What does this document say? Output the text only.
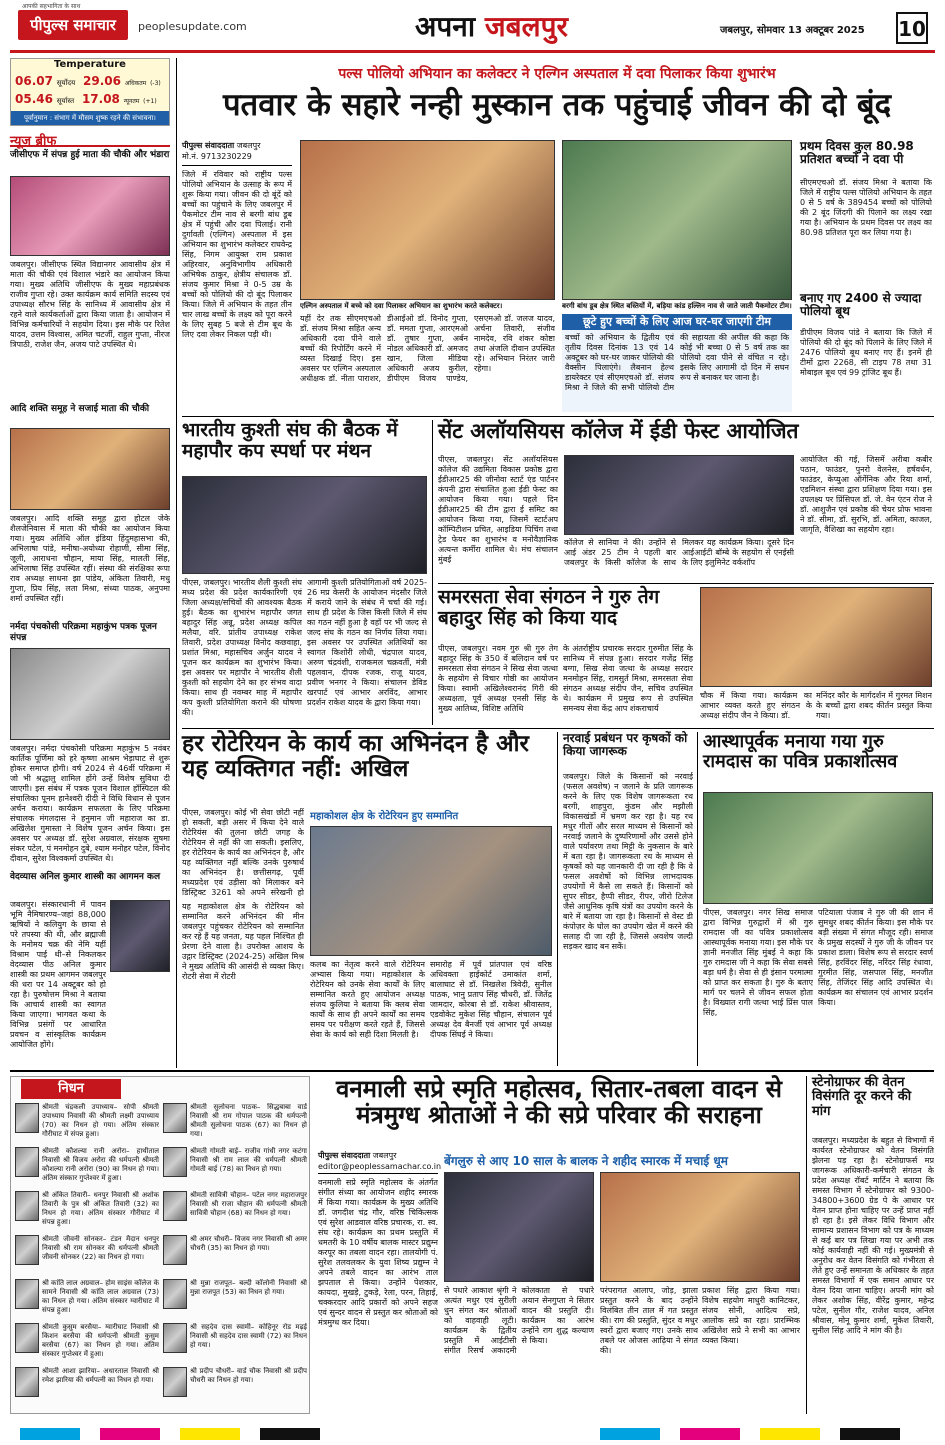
पीपुल्स समाचार
आपकी सहभागिता के साथ
peoplesupdate.com	अपना जबलपुर	जबलपुर, सोमवार 13 अक्टूबर 2025 10
Temperature
06.07 सूर्योदय 29.06 अधिकतम (-3)
05.46 सूर्यास्त 17.08 न्यूनतम (+1)
पूर्वानुमान : संभाग में मौसम शुष्क रहने की संभावना।
न्यूज ब्रीफ
जीसीएफ में संपन्न हुई माता की चौकी और भंडारा
जबलपुर। जीसीएफ स्थित विद्यानगर आवासीय क्षेत्र में माता की चौकी एवं विशाल भंडारे का आयोजन किया गया। मुख्य अतिथि जीसीएफ के मुख्य महाप्रबंधक राजीव गुप्ता रहे। उक्त कार्यक्रम कार्य समिति सदस्य एवं उपाध्यक्ष सौरभ सिंह के सानिध्य में आवासीय क्षेत्र में रहने वाले कार्यकर्ताओं द्वारा किया जाता है। आयोजन में विभिन्न कर्मचारियों ने सहयोग दिया। इस मौके पर रितेश यादव, उत्तम विश्वास, अमित चटर्जी, राहुल गुप्ता, नीरज त्रिपाठी, राजेश जैन, अजय पाटे उपस्थित थे।
आदि शक्ति समूह ने सजाई माता की चौकी
जबलपुर। आदि शक्ति समूह द्वारा होटल जेके शैलजेनिवास में माता की चौकी का आयोजन किया गया। मुख्य अतिथि ऑल इंडिया हिंदुमहासभा की, अभिलाषा पांडे, मनीषा-अयोध्या रोहाणी, सीमा सिंह, जूली, आराधना चौहान, माया सिंह, मालती सिंह, अभिलाषा सिंह उपस्थित रहीं। संस्था की संरक्षिका रूपा राव अध्यक्ष साधना झा पांडेय, अंकिता तिवारी, मधु गुप्ता, प्रिय सिंह, लता मिश्रा, संध्या पाठक, अनुपमा शर्मा उपस्थित रहीं।
नर्मदा पंचकोसी परिक्रमा महाकुंभ पत्रक पूजन संपन्न
जबलपुर। नर्मदा पंचकोसी परिक्रमा महाकुंभ 5 नवंबर कार्तिक पूर्णिमा को हरे कृष्णा आश्रम भेड़ाघाट से शुरू होकर समाप्त होगी। वर्ष 2024 से 46वीं परिक्रमा में जो भी श्रद्धालु शामिल होंगे उन्हें विशेष सुविधा दी जाएगी। इस संबंध में पत्रक पूजन विशाल हॉस्पिटल की संचालिका पूनम हानेश्वरी दीदी ने विधि विधान से पूजन अर्चन कराया। कार्यक्रम सफलता के लिए परिक्रमा संचालक मंगलदास ने हनुमान जी महाराज का डा. अखिलेश गुमास्ता ने विशेष पूजन अर्चन किया। इस अवसर पर अध्यक्ष डॉ. सुरेश अग्रवाल, संरक्षक सुषमा संकर पटेल, पं मनमोहन दुबे, श्याम मनोहर पटेल, विनोद दीवान, सुरेश विश्वकर्मा उपस्थित थे।
वेदव्यास अनिल कुमार शास्त्री का आगमन कल
जबलपुर। संस्कारधानी में पावन भूमि नैमिषारण्य–जहां 88,000 ऋषियों ने कलियुग के छाया से परे तपस्या की थी, और ब्रह्माजी के मनोमय चक्र की नेमि यहीं विश्राम पाई थी–से निकलकर वेदव्यास पीठ अनिल कुमार शास्त्री का प्रथम आगमन जबलपुर की धरा पर 14 अक्टूबर को हो रहा है। पुरुषोत्तम मिश्रा ने बताया कि आचार्य शास्त्री का स्वागत किया जाएगा। भागवत कथा के विभिन्न प्रसंगों पर आधारित प्रवचन व सांस्कृतिक कार्यक्रम आयोजित होंगे।
पल्स पोलियो अभियान का कलेक्टर ने एल्गिन अस्पताल में दवा पिलाकर किया शुभारंभ
पतवार के सहारे नन्ही मुस्कान तक पहुंचाई जीवन की दो बूंद
पीपुल्स संवाददाता जबलपुर
मो.नं. 9713230229
जिले में रविवार को राष्ट्रीय पल्स पोलियो अभियान के उत्साह के रूप में शुरू किया गया। जीवन की दो बूंदें को बच्चों का पहुंचाने के लिए जबलपुर में पैकमोटर टीम नाव से बरगी बांध डूब क्षेत्र में पहुंची और दवा पिलाई। रानी दुर्गावती (एल्गिन) अस्पताल में इस अभियान का शुभारंभ कलेक्टर राघवेन्द्र सिंह, निगम आयुक्त राम प्रकाश अहिरवार, अनुविभागीय अधिकारी अभिषेक ठाकुर, क्षेत्रीय संचालक डॉ. संजय कुमार मिश्रा ने 0-5 उम्र के बच्चों को पोलियो की दो बूंद पिलाकर किया। जिले में अभियान के तहत तीन चार लाख बच्चों के लक्ष्य को पूरा करने के लिए सुबह 5 बजे से टीम बूथ के लिए दवा लेकर निकल पड़ी थी।
एल्गिन अस्पताल में बच्चे को दवा पिलाकर अभियान का शुभारंभ करते कलेक्टर।
यहीं देर तक सीएमएचओ डॉ. संजय मिश्रा सहित अन्य अधिकारी दवा पीने वाले बच्चों की रिपोर्टिंग करने में व्यस्त दिखाई दिए। इस अवसर पर एल्गिन अस्पताल अधीक्षक डॉ. नीता पाराशर, डीआईओ डॉ. विनोद गुप्ता, डॉ. ममता गुप्ता, आरएमओ डॉ. तुषार गुप्ता, अर्बन नोडल अधिकारी डॉ. अमजद खान, जिला मीडिया अधिकारी अजय कुरील, डीपीएम विजय पाण्डेय, एसएमओ डॉ. जलज यादव, अर्चना तिवारी, संजीव नामदेव, रवि शंकर कोष्टा तथा अंजलि दीवान उपस्थित रहे। अभियान निरंतर जारी रहेगा।
बरगी बांध डूब क्षेत्र स्थित बस्तियों में, बड़िया कांड हल्लिन नाव से जाते जाती पैकमोटर टीम।
छूटे हुए बच्चों के लिए आज घर-घर जाएगी टीम
बच्चों को अभियान के द्वितीय एवं तृतीय दिवस दिनांक 13 एवं 14 अक्टूबर को घर-घर जाकर पोलियो की वैक्सीन पिलाएंगे। लैबनान हेल्थ डायरेक्टर एवं सीएमएचओ डॉ. संजय मिश्रा ने जिले की सभी पोलियो टीम की सहायता की अपील की कहा कि कोई भी बच्चा 0 से 5 वर्ष तक का पोलियो दवा पीने से वंचित न रहे। इसके लिए आगामी दो दिन में सघन रूप से बनाकर घर जाना है।
प्रथम दिवस कुल 80.98 प्रतिशत बच्चों ने दवा पी
सीएमएचओ डॉ. संजय मिश्रा ने बताया कि जिले में राष्ट्रीय पल्स पोलियो अभियान के तहत 0 से 5 वर्ष के 389454 बच्चों को पोलियो की 2 बूंद जिंदगी की पिलाने का लक्ष्य रखा गया है। अभियान के प्रथम दिवस पर लक्ष्य का 80.98 प्रतिशत पूरा कर लिया गया है।
बनाए गए 2400 से ज्यादा पोलियो बूथ
डीपीएम विजय पांडे ने बताया कि जिले में पोलियो की दो बूंद को पिलाने के लिए जिले में 2476 पोलियो बूथ बनाए गए हैं। इनमें ही टीमों द्वारा 2268, सी टाइप 78 तथा 31 मोबाइल बूथ एवं 99 ट्रांजिट बूथ हैं।
भारतीय कुश्ती संघ की बैठक में महापौर कप स्पर्धा पर मंथन
पीएस, जबलपुर। भारतीय शैली कुश्ती संघ मध्य प्रदेश की प्रदेश कार्यकारिणी एवं जिला अध्यक्ष/सचिवों की आवश्यक बैठक हुई। बैठक का शुभारंभ महापौर जगत बहादुर सिंह अन्नू, प्रदेश अध्यक्ष कपिल मलैया, वरि. प्रांतीय उपाध्यक्ष राकेश तिवारी, प्रदेश उपाध्यक्ष विनोद कछवाहा, प्रशांत मिश्रा, महासचिव अर्जुन यादव ने पूजन कर कार्यक्रम का शुभारंभ किया। इस अवसर पर महापौर ने भारतीय शैली कुश्ती को सहयोग देने का हर संभव वादा किया। साथ ही नवम्बर माह में महापौर कप कुश्ती प्रतियोगिता कराने की घोषणा की।
आगामी कुश्ती प्रतियोगिताओं वर्ष 2025-26 मप्र केसरी के आयोजन मंदसौर जिले में कराये जाने के संबंध में चर्चा की गई। साथ ही प्रदेश के जिस किसी जिले में संघ का गठन नहीं हुआ है वहाँ पर भी जल्द से जल्द संघ के गठन का निर्णय लिया गया। इस अवसर पर उपस्थित अतिथियों का स्वागत किशोरी लोधी, चंद्रपाल यादव, अरुण चंद्रवंशी, राजकमल चक्रवर्ती, मंत्री पहलवान, दीपक रजक, राजू यादव, प्रवीण भनगर ने किया। संचालन डेविड खरपार्ट एवं आभार अरविंद, आभार प्रदर्शन राकेश यादव के द्वारा किया गया।
सेंट अलॉयसियस कॉलेज में ईडी फेस्ट आयोजित
पीएस, जबलपुर। सेंट अलॉयसियस कॉलेज की उद्यमिता विकास प्रकोष्ठ द्वारा ईडीआर25 की जीनोवा स्टार्ट एंड पार्टनर कंपनी द्वारा संचालित हुआ ईडी फेस्ट का आयोजन किया गया। पहले दिन ईडीआर25 की टीम द्वारा ई समिट का आयोजन किया गया, जिसमें स्टार्टअप कॉम्पिटीशन प्रचित, आइडिया पिचिंग तथा ट्रेड फेयर का शुभारंभ व मनोवैज्ञानिक अत्यन्त कर्मीरा शामिल थे। मंच संचालन मुंबई
कॉलेज से सानिया ने की। उन्होंने से आई अंडर 25 टीम ने पहली बार जबलपुर के किसी कॉलेज के साथ मिलकर यह कार्यक्रम किया। दूसरे दिन आईआईटी बॉम्बे के सहयोग से एनईसी के लिए इलुमिनेट वर्कशॉप
आयोजित की गई, जिसमें अरीबा कबीर पठान, फाउंडर, पुनरो वेलनेस, हर्षवर्धन, फाउंडर, केप्युआ ऑर्गेनिक और रिया शर्मा, एडमिशन संस्था द्वारा प्रशिक्षण दिया गया। इस उपलक्ष्य पर प्रिंसिपल डॉ. जे. वेन एंटन रोज ने डॉ. आशुजैन एवं प्रकोष्ठ की चेयर प्रोफ भावना ने डॉ. सीमा, डॉ. सुरभि, डॉ. अमिता, काजल, जागृति, वैशिखा का सहयोग रहा।
समरसता सेवा संगठन ने गुरु तेग बहादुर सिंह को किया याद
पीएस, जबलपुर। नवम गुरु श्री गुरु तेग बहादुर सिंह के 350 वें बलिदान वर्ष पर समरसता सेवा संगठन ने सिख सेवा जत्था के सहयोग से विचार गोष्ठी का आयोजन किया। स्वामी अखिलेश्वरानंद गिरी की अध्यक्षता, पूर्व अध्यक्ष एनसी सिंह के मुख्य आतिथ्य, विशिष्ट अतिथि
के अंतर्राष्ट्रीय प्रचारक सरदार गुरुमीत सिंह के सानिध्य में संपन्न हुआ। सरदार गजेंद्र सिंह बग्गा, सिख सेवा जत्था के अध्यक्ष सरदार मनमोहन सिंह, रामसुर्त मिश्रा, समरसता सेवा संगठन अध्यक्ष संदीप जैन, सचिव उपस्थित थे। कार्यक्रम में प्रमुख रूप से उपस्थित समन्वय सेवा केंद्र आप शंकराचार्य
चौक में किया गया। कार्यक्रम का आभार व्यक्त करते हुए संगठन के अध्यक्ष संदीप जैन ने किया। डॉ.
मनिंदर कौर के मार्गदर्शन में गुरमत मिशन के बच्चों द्वारा शबद कीर्तन प्रस्तुत किया गया।
हर रोटेरियन के कार्य का अभिनंदन है और यह व्यक्तिगत नहीं: अखिल
पीएस, जबलपुर। कोई भी सेवा छोटी नहीं हो सकती, बड़ी असर में किया देने वाले रोटेरियंस की तुलना छोटी जगह के रोटेरियन से नहीं की जा सकती। इसलिए, हर रोटेरियन के कार्य का अभिनंदन है, और यह व्यक्तिगत नहीं बल्कि उनके पुरुषार्थ का अभिनंदन है। छत्तीसगढ़, पूर्वी मध्यप्रदेश एवं उड़ीसा को मिलाकर बने डिस्ट्रिक्ट 3261 को अपने संरेखनी हो
यह महाकोशल क्षेत्र के रोटेरियन को सम्मानित करने अभिनंदन की मीन जबलपुर पहुंचकर रोटेरियन को सम्मानित कर रहे हैं यह जनता, यह पहल निश्चित ही प्रेरणा देने वाला है। उपरोक्त आशय के उद्गार डिस्ट्रिक्ट (2024-25) अखिल मिश्र ने मुख्य अतिथि की आसंदी से व्यक्त किए। रोटरी सेवा में रोटरी
महाकोशल क्षेत्र के रोटेरियन हुए सम्मानित
कलब का नेतृत्व करने वाले रोटेरियन अभ्यास किया गया। महाकोशल के रोटेरियन को उनके सेवा कार्यों के लिए सम्मानित करते हुए आयोजन अध्यक्ष संजय कुलिया ने बताया कि क्लब सेवा कार्यों के साथ ही अपने कार्यों का समय समय पर परीक्षण करते रहते हैं, जिससे सेवा के कार्य को सही दिशा मिलती है।
समारोह में पूर्व प्रांतपाल एवं वरिष्ठ अधिवक्ता हाईकोर्ट उमाकांत शर्मा, बालाघाट से डॉ. निखलेश त्रिवेदी, सुनील पाठक, भानु प्रताप सिंह चौधरी, डॉ. जितेंद्र जामदार, कोरबा से डॉ. राकेश श्रीवास्तव, एडवोकेट मुकेश सिंह चौहान, संचालन पूर्व अध्यक्ष देव बैनर्जी एवं आभार पूर्व अध्यक्ष दीपक सिंघई ने किया।
नरवाई प्रबंधन पर कृषकों को किया जागरूक
जबलपुर। जिले के किसानों को नरवाई (फसल अवशेष) न जलाने के प्रति जागरूक करने के लिए एक विशेष जागरूकता रथ बरगी, शाहपुरा, कुंडम और मझौली विकासखंडों में भ्रमण कर रहा है। यह रथ मधुर गीतों और सरल माध्यम से किसानों को नरवाई जलाने के दुष्परिणामों और उससे होने वाले पर्यावरण तथा मिट्टी के नुकसान के बारे में बता रहा है। जागरूकता रथ के माध्यम से कृषकों को यह जानकारी दी जा रही है कि वे फसल अवशेषों को विभिन्न लाभदायक उपयोगों में कैसे ला सकते हैं। किसानों को सुपर सीडर, हैप्पी सीडर, रीपर, जीरो टिलेज जैसे आधुनिक कृषि यंत्रों का उपयोग करने के बारे में बताया जा रहा है। किसानों से वेस्ट डी कंपोज़र के घोल का उपयोग खेत में करने की सलाह दी जा रही है, जिससे अवशेष जल्दी सड़कर खाद बन सकें।
आस्थापूर्वक मनाया गया गुरु रामदास का पवित्र प्रकाशोत्सव
पीएस, जबलपुर। नगर सिख समाज द्वारा विभिन्न गुरुद्वारों में श्री गुरु रामदास जी का पवित्र प्रकाशोत्सव आस्थापूर्वक मनाया गया। इस मौके पर ज्ञानी मनजीत सिंह मुंबई ने कहा कि गुरु रामदास जी ने कहा कि सेवा सबसे बड़ा धर्म है। सेवा से ही इंसान परमात्मा को प्राप्त कर सकता है। गुरु के बताए मार्ग पर चलने से जीवन सफल होता है। विख्यात रागी जत्था भाई प्रिंस पाल सिंह,
पटियाला पंजाब ने गुरु जी की शान में सुमधुर शबद कीर्तन किया। इस मौके पर बड़ी संख्या में संगत मौजूद रही। समाज के प्रमुख सदस्यों ने गुरु जी के जीवन पर प्रकाश डाला। विशेष रूप से सरदार स्वर्ण सिंह, हरविंदर सिंह, नरिंदर सिंह रंधावा, गुरमीत सिंह, जसपाल सिंह, मनजीत सिंह, तेजिंदर सिंह आदि उपस्थित थे। कार्यक्रम का संचालन एवं आभार प्रदर्शन किया।
निधन
श्रीमती चंद्रकली उपाध्याय– सोपी श्रीमती उपाध्याय निवासी की श्रीमती लक्ष्मी उपाध्याय (70) का निधन हो गया। अंतिम संस्कार गौरीघाट में संपन्न हुआ।
श्रीमती कौशल्या रानी अरोरा– हाथीताल निवासी श्री विजय अरोरा की धर्मपत्नी श्रीमती कौशल्या रानी अरोरा (90) का निधन हो गया। अंतिम संस्कार गुप्तेश्वर में हुआ।
श्री अंकित तिवारी– धनपुर निवासी श्री अशोक तिवारी के पुत्र श्री अंकित तिवारी (32) का निधन हो गया। अंतिम संस्कार गौरीघाट में संपन्न हुआ।
श्रीमती जीवनी सोनकर– टंडन मैदान धनपुर निवासी श्री राम सोनकर की धर्मपत्नी श्रीमती जीवनी सोनकर (22) का निधन हो गया।
श्री कांति लाल अग्रवाल– होम साइंस कॉलेज के सामने निवासी श्री कांति लाल अग्रवाल (73) का निधन हो गया। अंतिम संस्कार ग्वारीघाट में संपन्न हुआ।
श्रीमती कुसुम बरसैया– ग्वारीघाट निवासी श्री किशन बरसैया की धर्मपत्नी श्रीमती कुसुम बरसैया (67) का निधन हो गया। अंतिम संस्कार गुप्तेश्वर में हुआ।
श्रीमती आशा झारिया– अधारताल निवासी श्री रमेश झारिया की धर्मपत्नी का निधन हो गया।
श्रीमती सुलोचना पाठक– सिद्धबाबा वार्ड निवासी श्री राम गोपाल पाठक की धर्मपत्नी श्रीमती सुलोचना पाठक (67) का निधन हो गया।
श्रीमती गोमती बाई– राजीव गांधी नगर कटंगा निवासी श्री राम लाल की धर्मपत्नी श्रीमती गोमती बाई (78) का निधन हो गया।
श्रीमती सावित्री चौहान– पटेल नगर महाराजपुर निवासी श्री राजा चौहान की धर्मपत्नी श्रीमती सावित्री चौहान (68) का निधन हो गया।
श्री अमर चौधरी– विजय नगर निवासी श्री अमर चौधरी (35) का निधन हो गया।
श्री मुन्ना राजपूत– बल्दी कॉलोनी निवासी श्री मुन्ना राजपूत (53) का निधन हो गया।
श्री सहदेव दास स्वामी– कोहिनूर रोड मढ़ई निवासी श्री सहदेव दास स्वामी (72) का निधन हो गया।
श्री प्रदीप चौधरी– वार्ड चौक निवासी श्री प्रदीप चौधरी का निधन हो गया।
वनमाली सप्रे स्मृति महोत्सव, सितार-तबला वादन से मंत्रमुग्ध श्रोताओं ने की सप्रे परिवार की सराहना
पीपुल्स संवाददाता जबलपुर
editor@peoplessamachar.co.in बेंगलुरु से आए 10 साल के बालक ने शहीद स्मारक में मचाई धूम
वनमाली सप्रे स्मृति महोत्सव के अंतर्गत संगीत संध्या का आयोजन शहीद स्मारक में किया गया। कार्यक्रम के मुख्य अतिथि डॉ. जगदीश चंद्र गौर, वरिष्ठ चिकित्सक एवं सुरेश आडवाल वरिष्ठ प्रचारक, रा. स्व. संघ रहे। कार्यक्रम का प्रथम प्रस्तुति में धमतरी के 10 वर्षीय बालक मास्टर प्रद्युम्न करपूर का तबला वादन रहा। तालयोगी पं. सुरेश तलवलकर के युवा शिष्य प्रद्युम्न ने अपने तबले वादन का आरंभ ताल झपताल से किया। उन्होंने पेशकार, कायदा, मुखड़े, टुकड़े, रेला, परन, तिहाई, चक्करदार आदि प्रकारों को अपने सहज एवं सुन्दर वादन से प्रस्तुत कर श्रोताओं को मंत्रमुग्ध कर दिया।
से पधारे आकाश श्रृंगी ने अत्यंत मधुर एवं सुरीली धुन संगत कर श्रोताओं को वाहवाही लूटी। कार्यक्रम के द्वितीय प्रस्तुति में आईटीसी संगीत रिसर्च अकादमी कोलकाता से पधारे अयान सेनगुप्ता ने सितार वादन की प्रस्तुति दी। कार्यक्रम का आरंभ उन्होंने राग शुद्ध कल्याण से किया।
परंपरागत आलाप, जोड़, झाला प्रस्तुत करने के बाद उन्होंने विलंबित तीन ताल में गत प्रस्तुत की। राग की प्रस्तुति, सुंदर व मधुर स्वरों द्वारा बजाए गए। उनके साथ तबले पर ओजस आढ़िया ने संगत की।
प्रकाश सिंह द्वारा किया गया। विशेष सहयोग माधुरी कानिटकर, संजय सोनी, आदित्य सप्रे, आलोक सप्रे का रहा। प्रारम्भिक अखिलेश सप्रे ने सभी का आभार व्यक्त किया।
स्टेनोग्राफर की वेतन विसंगति दूर करने की मांग
जबलपुर। मध्यप्रदेश के बहुत से विभागों में कार्यरत स्टेनोग्राफर को वेतन विसंगति झेलना पड़ रहा है। स्टेनोग्राफर्स मप्र जागरूक अधिकारी-कर्मचारी संगठन के प्रदेश अध्यक्ष रॉबर्ट मार्टिन ने बताया कि समस्त विभाग में स्टेनोग्राफर को 9300-34800+3600 ग्रेड पे के आधार पर वेतन प्राप्त होना चाहिए पर उन्हें प्राप्त नहीं हो रहा है। इसे लेकर विधि विभाग और सामान्य प्रशासन विभाग को पत्र के माध्यम से कई बार पत्र लिखा गया पर अभी तक कोई कार्यवाही नहीं की गई। मुख्यमंत्री से अनुरोध कर वेतन विसंगति को गंभीरता से लेते हुए उन्हें समानता के अधिकार के तहत समस्त विभागों में एक समान आधार पर वेतन दिया जाना चाहिए। अपनी मांग को लेकर अशोक सिंह, वीरेंद्र कुमार, महेन्द्र पटेल, सुनील गौर, राजेश यादव, अनिल श्रीवास, मोनू कुमार शर्मा, मुकेश तिवारी, सुनील सिंह आदि ने मांग की है।
